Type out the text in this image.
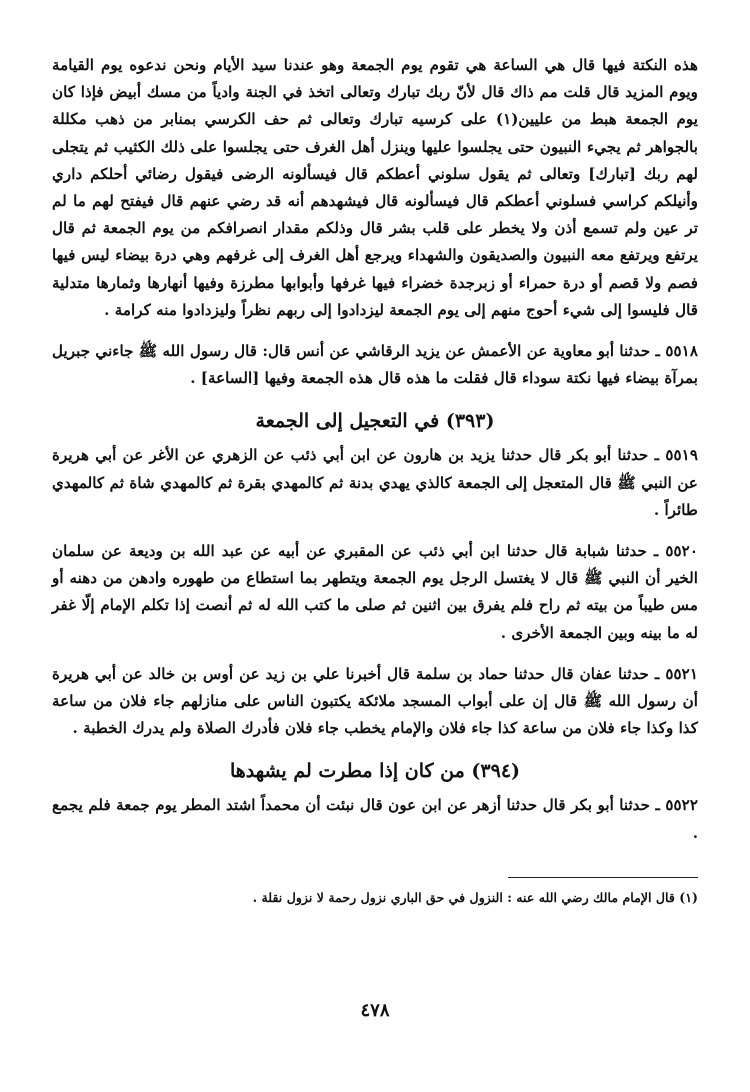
هذه النكتة فيها قال هي الساعة هي تقوم يوم الجمعة وهو عندنا سيد الأيام ونحن ندعوه يوم القيامة ويوم المزيد قال قلت مم ذاك قال لأنّ ربك تبارك وتعالى اتخذ في الجنة وادياً من مسك أبيض فإذا كان يوم الجمعة هبط من عليين(١) على كرسيه تبارك وتعالى ثم حف الكرسي بمنابر من ذهب مكللة بالجواهر ثم يجيء النبيون حتى يجلسوا عليها وينزل أهل الغرف حتى يجلسوا على ذلك الكثيب ثم يتجلى لهم ربك [تبارك] وتعالى ثم يقول سلوني أعطكم قال فيسألونه الرضى فيقول رضائي أحلكم داري وأنيلكم كراسي فسلوني أعطكم قال فيسألونه قال فيشهدهم أنه قد رضي عنهم قال فيفتح لهم ما لم تر عين ولم تسمع أذن ولا يخطر على قلب بشر قال وذلكم مقدار انصرافكم من يوم الجمعة ثم قال يرتفع ويرتفع معه النبيون والصديقون والشهداء ويرجع أهل الغرف إلى غرفهم وهي درة بيضاء ليس فيها فصم ولا قصم أو درة حمراء أو زبرجدة خضراء فيها غرفها وأبوابها مطرزة وفيها أنهارها وثمارها متدلية قال فليسوا إلى شيء أحوج منهم إلى يوم الجمعة ليزدادوا إلى ربهم نظراً وليزدادوا منه كرامة .

٥٥١٨ ـ حدثنا أبو معاوية عن الأعمش عن يزيد الرقاشي عن أنس قال: قال رسول الله ﷺ جاءني جبريل بمرآة بيضاء فيها نكتة سوداء قال فقلت ما هذه قال هذه الجمعة وفيها [الساعة] .

(٣٩٣) في التعجيل إلى الجمعة

٥٥١٩ ـ حدثنا أبو بكر قال حدثنا يزيد بن هارون عن ابن أبي ذئب عن الزهري عن الأغر عن أبي هريرة عن النبي ﷺ قال المتعجل إلى الجمعة كالذي يهدي بدنة ثم كالمهدي بقرة ثم كالمهدي شاة ثم كالمهدي طائراً .

٥٥٢٠ ـ حدثنا شبابة قال حدثنا ابن أبي ذئب عن المقبري عن أبيه عن عبد الله بن وديعة عن سلمان الخير أن النبي ﷺ قال لا يغتسل الرجل يوم الجمعة ويتطهر بما استطاع من طهوره وادهن من دهنه أو مس طيباً من بيته ثم راح فلم يفرق بين اثنين ثم صلى ما كتب الله له ثم أنصت إذا تكلم الإمام إلّا غفر له ما بينه وبين الجمعة الأخرى .

٥٥٢١ ـ حدثنا عفان قال حدثنا حماد بن سلمة قال أخبرنا علي بن زيد عن أوس بن خالد عن أبي هريرة أن رسول الله ﷺ قال إن على أبواب المسجد ملائكة يكتبون الناس على منازلهم جاء فلان من ساعة كذا وكذا جاء فلان من ساعة كذا جاء فلان والإمام يخطب جاء فلان فأدرك الصلاة ولم يدرك الخطبة .

(٣٩٤) من كان إذا مطرت لم يشهدها

٥٥٢٢ ـ حدثنا أبو بكر قال حدثنا أزهر عن ابن عون قال نبئت أن محمداً اشتد المطر يوم جمعة فلم يجمع .

(١) قال الإمام مالك رضي الله عنه : النزول في حق الباري نزول رحمة لا نزول نقلة .

٤٧٨
